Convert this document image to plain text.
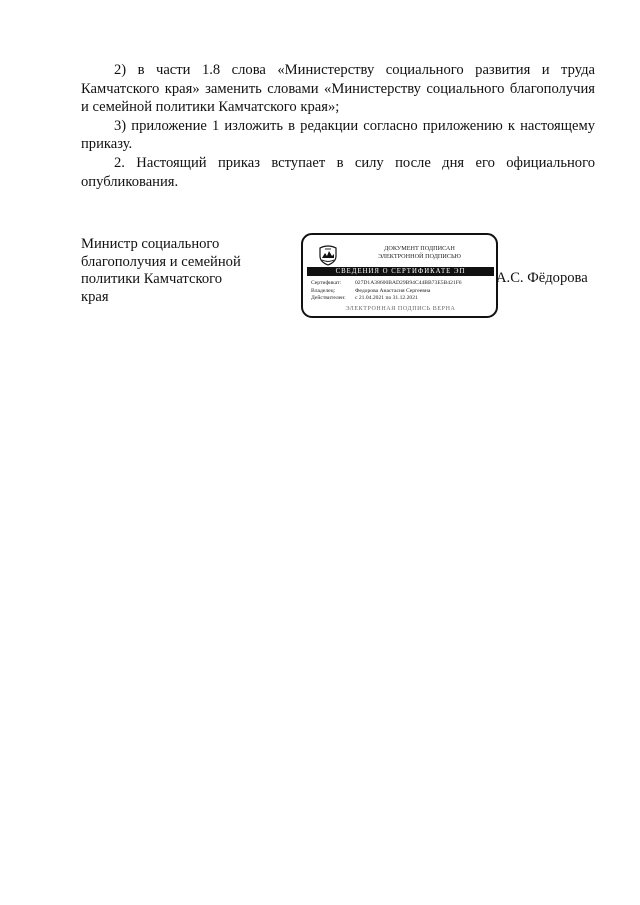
2) в части 1.8 слова «Министерству социального развития и труда Камчатского края» заменить словами «Министерству социального благополучия и семейной политики Камчатского края»;

3) приложение 1 изложить в редакции согласно приложению к настоящему приказу.

2. Настоящий приказ вступает в силу после дня его официального опубликования.

Министр социального
благополучия и семейной
политики Камчатского
края
ДОКУМЕНТ ПОДПИСАН
ЭЛЕКТРОННОЙ ПОДПИСЬЮ
СВЕДЕНИЯ О СЕРТИФИКАТЕ ЭП
Сертификат:	027D1A38600BAD29B94C44BB73E5B421F6
Владелец:	Федорова Анастасия Сергеевна
Действителен:	с 21.04.2021 по 31.12.2021
ЭЛЕКТРОННАЯ ПОДПИСЬ ВЕРНА
А.С. Фёдорова
